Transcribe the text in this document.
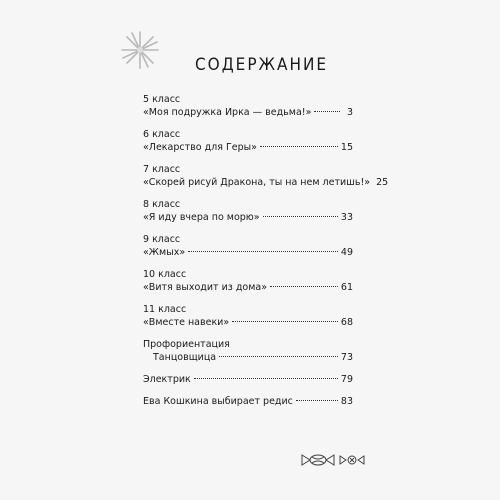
СОДЕРЖАНИЕ
5 класс
«Моя подружка Ирка — ведьма!»	3
6 класс
«Лекарство для Геры»	15
7 класс
«Скорей рисуй Дракона, ты на нем летишь!» 25
8 класс
«Я иду вчера по морю»	33
9 класс
«Жмых»	49
10 класс
«Витя выходит из дома»	61
11 класс
«Вместе навеки»	68
Профориентация
Танцовщица	73
Электрик	79
Ева Кошкина выбирает редис	83
